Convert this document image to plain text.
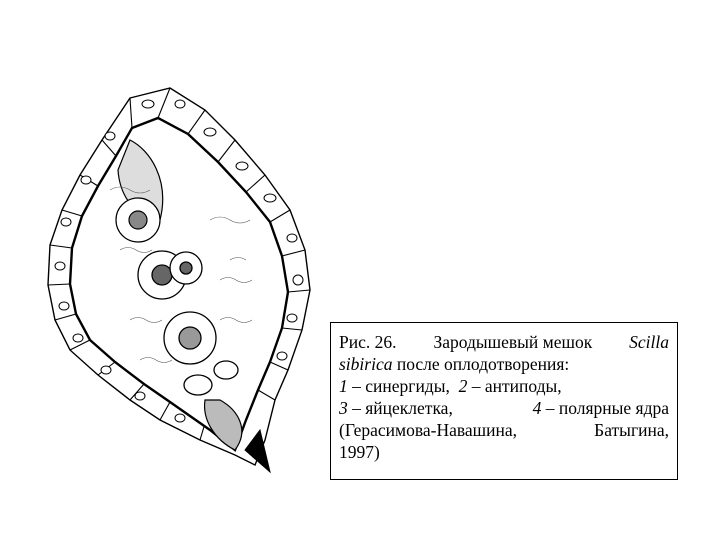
Рис. 26. Зародышевый мешок Scilla
sibirica после оплодотворения:
1 – синергиды, 2 – антиподы,
3 – яйцеклетка,	4 – полярные ядра
(Герасимова-Навашина,	Батыгина,
1997)
